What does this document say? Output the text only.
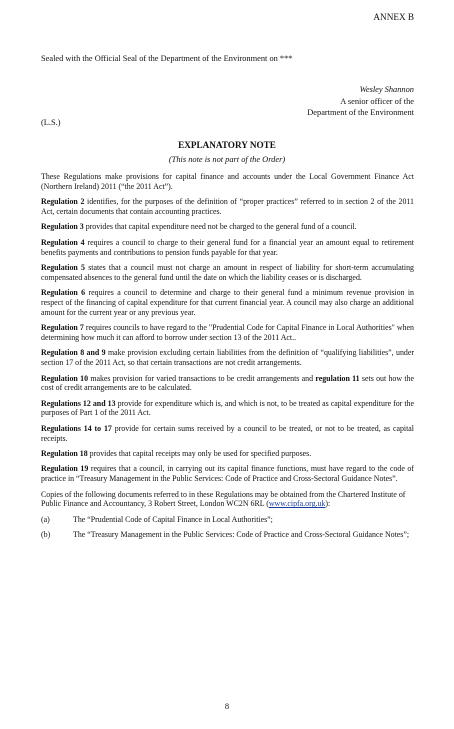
ANNEX B
Sealed with the Official Seal of the Department of the Environment on ***
Wesley Shannon
A senior officer of the
Department of the Environment
(L.S.)
EXPLANATORY NOTE
(This note is not part of the Order)

These Regulations make provisions for capital finance and accounts under the Local Government Finance Act (Northern Ireland) 2011 (“the 2011 Act”).

Regulation 2 identifies, for the purposes of the definition of “proper practices” referred to in section 2 of the 2011 Act, certain documents that contain accounting practices.

Regulation 3 provides that capital expenditure need not be charged to the general fund of a council.

Regulation 4 requires a council to charge to their general fund for a financial year an amount equal to retirement benefits payments and contributions to pension funds payable for that year.

Regulation 5 states that a council must not charge an amount in respect of liability for short-term accumulating compensated absences to the general fund until the date on which the liability ceases or is discharged.

Regulation 6 requires a council to determine and charge to their general fund a minimum revenue provision in respect of the financing of capital expenditure for that current financial year. A council may also charge an additional amount for the current year or any previous year.

Regulation 7 requires councils to have regard to the "Prudential Code for Capital Finance in Local Authorities" when determining how much it can afford to borrow under section 13 of the 2011 Act..

Regulation 8 and 9 make provision excluding certain liabilities from the definition of “qualifying liabilities”, under section 17 of the 2011 Act, so that certain transactions are not credit arrangements.

Regulation 10 makes provision for varied transactions to be credit arrangements and regulation 11 sets out how the cost of credit arrangements are to be calculated.

Regulations 12 and 13 provide for expenditure which is, and which is not, to be treated as capital expenditure for the purposes of Part 1 of the 2011 Act.

Regulations 14 to 17 provide for certain sums received by a council to be treated, or not to be treated, as capital receipts.

Regulation 18 provides that capital receipts may only be used for specified purposes.

Regulation 19 requires that a council, in carrying out its capital finance functions, must have regard to the code of practice in “Treasury Management in the Public Services: Code of Practice and Cross-Sectoral Guidance Notes”.

Copies of the following documents referred to in these Regulations may be obtained from the Chartered Institute of Public Finance and Accountancy, 3 Robert Street, London WC2N 6RL (www.cipfa.org.uk):

(a)	The “Prudential Code of Capital Finance in Local Authorities”;
(b)	The “Treasury Management in the Public Services: Code of Practice and Cross-Sectoral Guidance Notes”;
8
